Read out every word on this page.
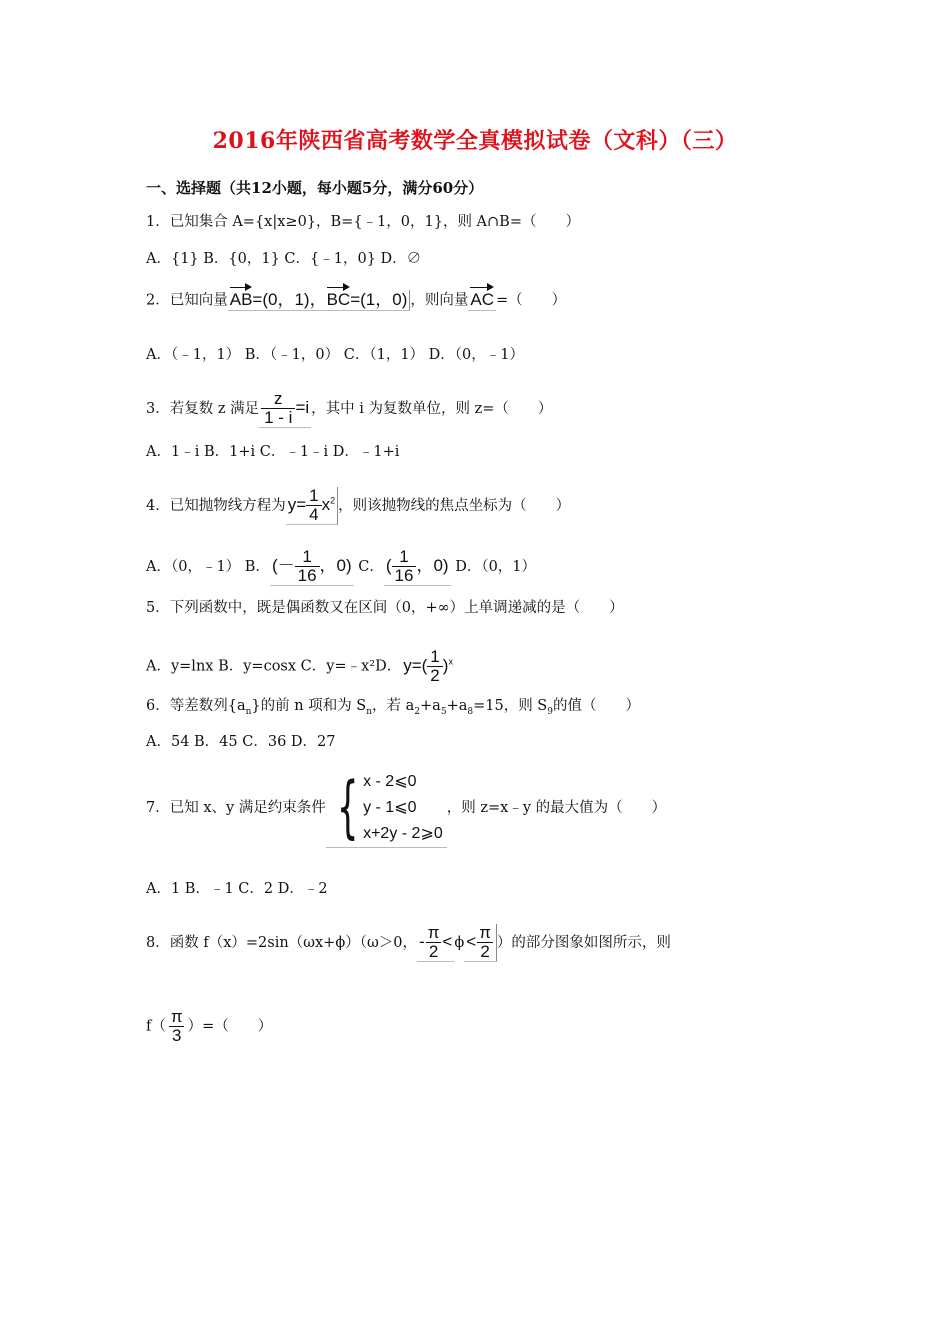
2016年陕西省高考数学全真模拟试卷（文科）（三）
一、选择题（共12小题，每小题5分，满分60分）
1．已知集合 A={x|x≥0}，B={﹣1，0，1}，则 A∩B=（　　）
A．{1} B．{0，1} C．{﹣1，0} D．∅
2．已知向量 AB=(0，1)，BC=(1，0) ，则向量 AC =（　　）
A．（﹣1，1） B．（﹣1，0） C．（1，1） D．（0，﹣1）
3．若复数 z 满足 $\frac{z}{1 - i} =i$ ，其中 i 为复数单位，则 z=（　　）
A．1﹣i B．1+i C．﹣1﹣i D．﹣1+i
4．已知抛物线方程为 $y= \frac{1}{4} x^2$ ，则该抛物线的焦点坐标为（　　）
A．（0，﹣1） B． (－ $\frac{1}{16}$ ，0) C． ( $\frac{1}{16}$ ，0) D．（0，1）
5．下列函数中，既是偶函数又在区间（0，+∞）上单调递减的是（　　）
A．y=lnx B．y=cosx C．y=﹣x²D． $y=( \frac{1}{2} )^x$
6．等差数列$\{a_n\}$的前 n 项和为 $S_n$，若 $a_2+a_5+a_8=15$，则 $S_9$的值（　　）
A．54 B．45 C．36 D．27
7．已知 x、y 满足约束条件 { x - 2⩽0
y - 1⩽0
x+2y - 2⩾0
，则 z=x﹣y 的最大值为（　　）
A．1 B．﹣1 C．2 D．﹣2
8．函数 f（x）=2sin（ωx+ϕ）（ω＞0， - $\frac{\pi}{2} < \phi < \frac{\pi}{2}$ ）的部分图象如图所示，则
$f( \frac{\pi}{3}$ ）=（　　）
